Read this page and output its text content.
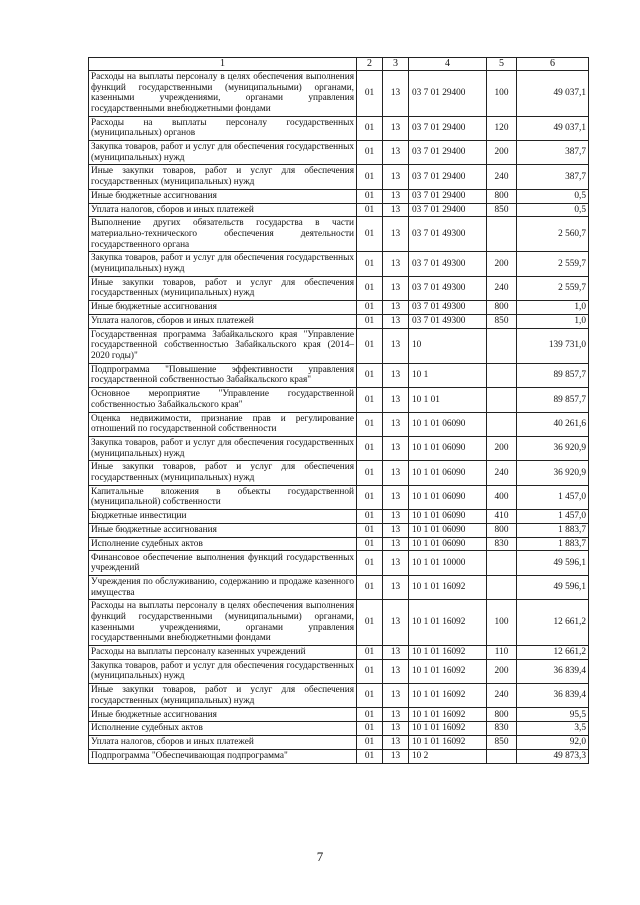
1	2	3	4	5	6
Расходы на выплаты персоналу в целях обеспечения выполнения функций государственными (муниципальными) органами, казенными учреждениями, органами управления государственными внебюджетными фондами	01	13	03 7 01 29400	100	49 037,1
Расходы на выплаты персоналу государственных (муниципальных) органов	01	13	03 7 01 29400	120	49 037,1
Закупка товаров, работ и услуг для обеспечения государственных (муниципальных) нужд	01	13	03 7 01 29400	200	387,7
Иные закупки товаров, работ и услуг для обеспечения государственных (муниципальных) нужд	01	13	03 7 01 29400	240	387,7
Иные бюджетные ассигнования	01	13	03 7 01 29400	800	0,5
Уплата налогов, сборов и иных платежей	01	13	03 7 01 29400	850	0,5
Выполнение других обязательств государства в части материально-технического обеспечения деятельности государственного органа	01	13	03 7 01 49300		2 560,7
Закупка товаров, работ и услуг для обеспечения государственных (муниципальных) нужд	01	13	03 7 01 49300	200	2 559,7
Иные закупки товаров, работ и услуг для обеспечения государственных (муниципальных) нужд	01	13	03 7 01 49300	240	2 559,7
Иные бюджетные ассигнования	01	13	03 7 01 49300	800	1,0
Уплата налогов, сборов и иных платежей	01	13	03 7 01 49300	850	1,0
Государственная программа Забайкальского края "Управление государственной собственностью Забайкальского края (2014–2020 годы)"	01	13	10		139 731,0
Подпрограмма "Повышение эффективности управления государственной собственностью Забайкальского края"	01	13	10 1		89 857,7
Основное мероприятие "Управление государственной собственностью Забайкальского края"	01	13	10 1 01		89 857,7
Оценка недвижимости, признание прав и регулирование отношений по государственной собственности	01	13	10 1 01 06090		40 261,6
Закупка товаров, работ и услуг для обеспечения государственных (муниципальных) нужд	01	13	10 1 01 06090	200	36 920,9
Иные закупки товаров, работ и услуг для обеспечения государственных (муниципальных) нужд	01	13	10 1 01 06090	240	36 920,9
Капитальные вложения в объекты государственной (муниципальной) собственности	01	13	10 1 01 06090	400	1 457,0
Бюджетные инвестиции	01	13	10 1 01 06090	410	1 457,0
Иные бюджетные ассигнования	01	13	10 1 01 06090	800	1 883,7
Исполнение судебных актов	01	13	10 1 01 06090	830	1 883,7
Финансовое обеспечение выполнения функций государственных учреждений	01	13	10 1 01 10000		49 596,1
Учреждения по обслуживанию, содержанию и продаже казенного имущества	01	13	10 1 01 16092		49 596,1
Расходы на выплаты персоналу в целях обеспечения выполнения функций государственными (муниципальными) органами, казенными учреждениями, органами управления государственными внебюджетными фондами	01	13	10 1 01 16092	100	12 661,2
Расходы на выплаты персоналу казенных учреждений	01	13	10 1 01 16092	110	12 661,2
Закупка товаров, работ и услуг для обеспечения государственных (муниципальных) нужд	01	13	10 1 01 16092	200	36 839,4
Иные закупки товаров, работ и услуг для обеспечения государственных (муниципальных) нужд	01	13	10 1 01 16092	240	36 839,4
Иные бюджетные ассигнования	01	13	10 1 01 16092	800	95,5
Исполнение судебных актов	01	13	10 1 01 16092	830	3,5
Уплата налогов, сборов и иных платежей	01	13	10 1 01 16092	850	92,0
Подпрограмма "Обеспечивающая подпрограмма"	01	13	10 2		49 873,3
7
